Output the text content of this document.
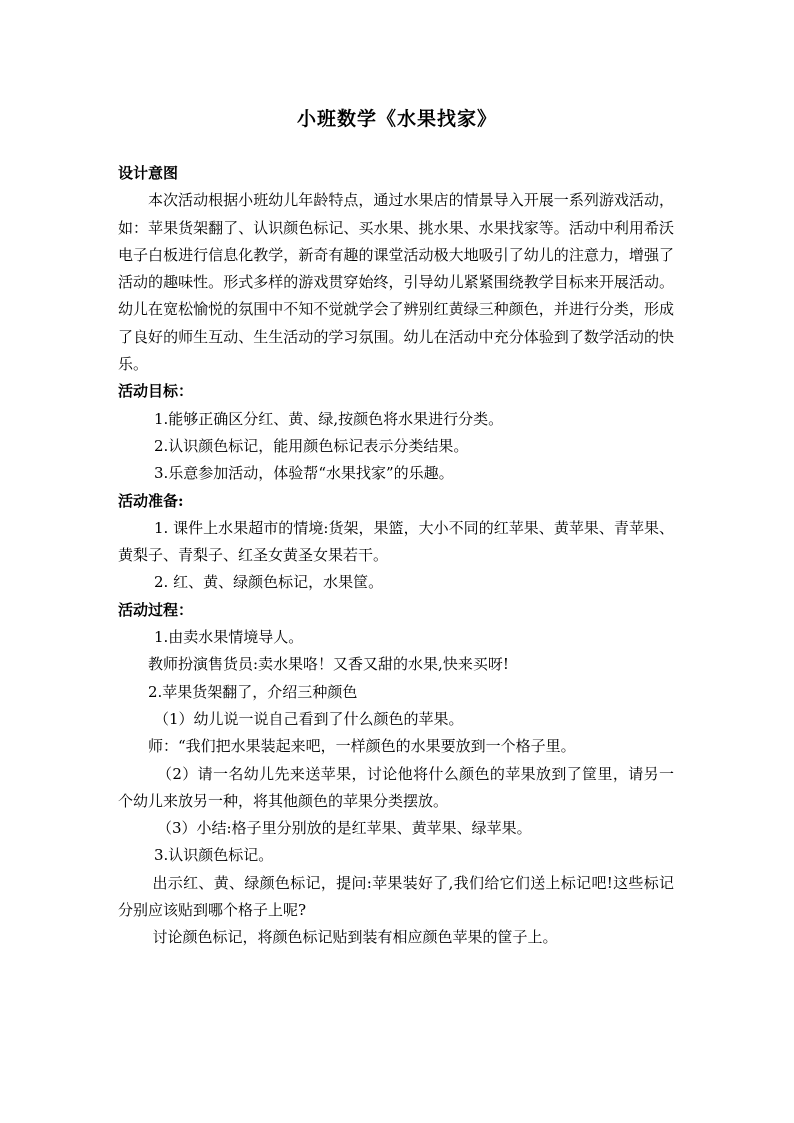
小班数学《水果找家》

设计意图

本次活动根据小班幼儿年龄特点，通过水果店的情景导入开展一系列游戏活动，如：苹果货架翻了、认识颜色标记、买水果、挑水果、水果找家等。活动中利用希沃电子白板进行信息化教学，新奇有趣的课堂活动极大地吸引了幼儿的注意力，增强了活动的趣味性。形式多样的游戏贯穿始终，引导幼儿紧紧围绕教学目标来开展活动。幼儿在宽松愉悦的氛围中不知不觉就学会了辨别红黄绿三种颜色，并进行分类，形成了良好的师生互动、生生活动的学习氛围。幼儿在活动中充分体验到了数学活动的快乐。

活动目标：

1.能够正确区分红、黄、绿,按颜色将水果进行分类。

2.认识颜色标记，能用颜色标记表示分类结果。

3.乐意参加活动，体验帮“水果找家”的乐趣。

活动准备:

1. 课件上水果超市的情境:货架，果篮，大小不同的红苹果、黄苹果、青苹果、黄梨子、青梨子、红圣女黄圣女果若干。

2. 红、黄、绿颜色标记，水果筐。

活动过程：

1.由卖水果情境导人。

教师扮演售货员:卖水果咯！又香又甜的水果,快来买呀!

2.苹果货架翻了，介绍三种颜色

（1）幼儿说一说自己看到了什么颜色的苹果。

师：“我们把水果装起来吧，一样颜色的水果要放到一个格子里。

（2）请一名幼儿先来送苹果，讨论他将什么颜色的苹果放到了筐里，请另一个幼儿来放另一种，将其他颜色的苹果分类摆放。

（3）小结:格子里分别放的是红苹果、黄苹果、绿苹果。

3.认识颜色标记。

出示红、黄、绿颜色标记，提问:苹果装好了,我们给它们送上标记吧!这些标记分别应该贴到哪个格子上呢?

讨论颜色标记，将颜色标记贴到装有相应颜色苹果的筐子上。
